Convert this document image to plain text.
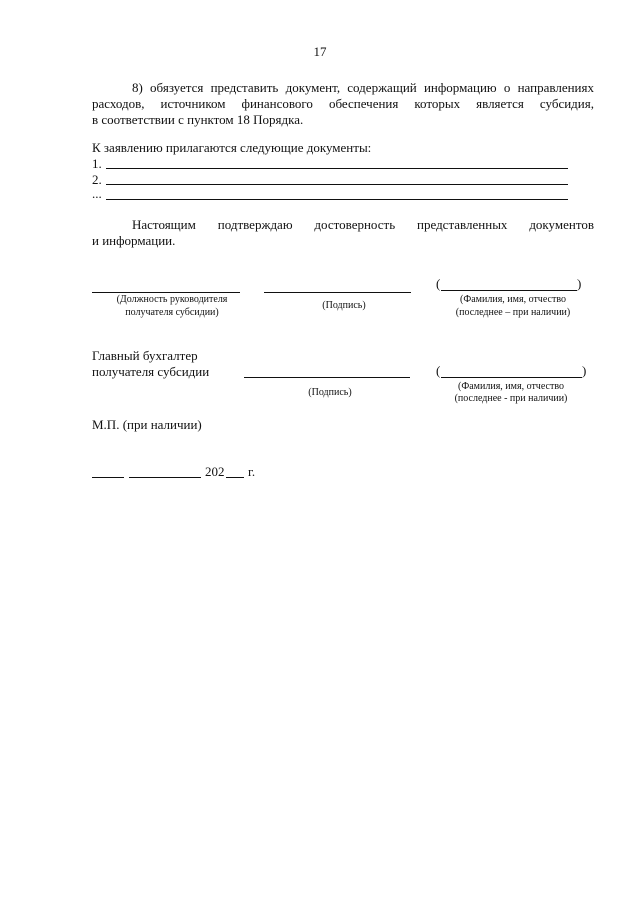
17
8) обязуется представить документ, содержащий информацию о направлениях
расходов, источником финансового обеспечения которых является субсидия,
в соответствии с пунктом 18 Порядка.
К заявлению прилагаются следующие документы:
1.
2.
...
Настоящим подтверждаю достоверность представленных документов
и информации.
(Должность руководителя
получателя субсидии)
(Подпись)
(	)
(Фамилия, имя, отчество
(последнее – при наличии)
Главный бухгалтер
получателя субсидии
(Подпись)
(	)
(Фамилия, имя, отчество
(последнее - при наличии)
М.П. (при наличии)
202 г.
